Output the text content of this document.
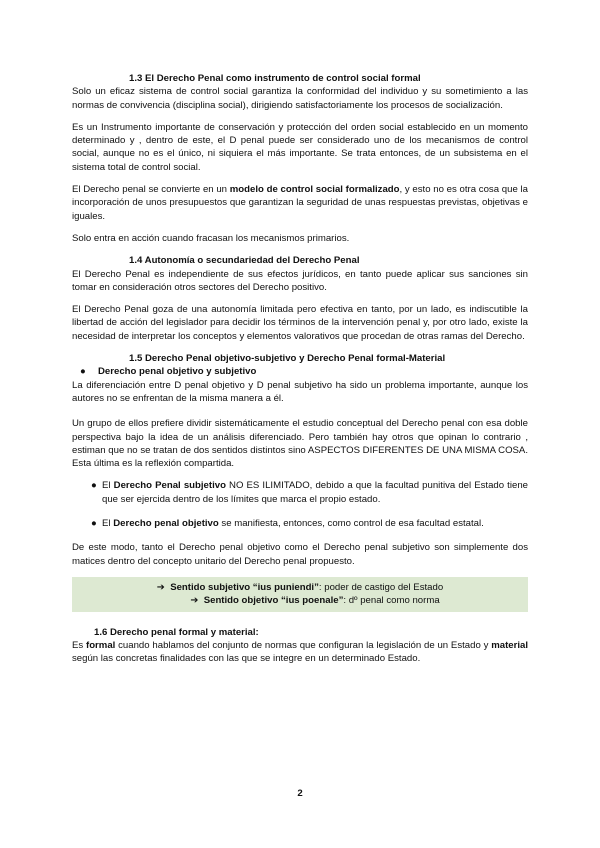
1.3 El Derecho Penal como instrumento de control social formal

Solo un eficaz sistema de control social garantiza la conformidad del individuo y su sometimiento a las normas de convivencia (disciplina social), dirigiendo satisfactoriamente los procesos de socialización.

Es un Instrumento importante de conservación y protección del orden social establecido en un momento determinado y , dentro de este, el D penal puede ser considerado uno de los mecanismos de control social, aunque no es el único, ni siquiera el más importante. Se trata entonces, de un subsistema en el sistema total de control social.

El Derecho penal se convierte en un modelo de control social formalizado, y esto no es otra cosa que la incorporación de unos presupuestos que garantizan la seguridad de unas respuestas previstas, objetivas e iguales.

Solo entra en acción cuando fracasan los mecanismos primarios.

1.4 Autonomía o secundariedad del Derecho Penal

El Derecho Penal es independiente de sus efectos jurídicos, en tanto puede aplicar sus sanciones sin tomar en consideración otros sectores del Derecho positivo.

El Derecho Penal goza de una autonomía limitada pero efectiva en tanto, por un lado, es indiscutible la libertad de acción del legislador para decidir los términos de la intervención penal y, por otro lado, existe la necesidad de interpretar los conceptos y elementos valorativos que procedan de otras ramas del Derecho.

1.5 Derecho Penal objetivo-subjetivo y Derecho Penal formal-Material
●	Derecho penal objetivo y subjetivo

La diferenciación entre D penal objetivo y D penal subjetivo ha sido un problema importante, aunque los autores no se enfrentan de la misma manera a él.

Un grupo de ellos prefiere dividir sistemáticamente el estudio conceptual del Derecho penal con esa doble perspectiva bajo la idea de un análisis diferenciado. Pero también hay otros que opinan lo contrario , estiman que no se tratan de dos sentidos distintos sino ASPECTOS DIFERENTES DE UNA MISMA COSA. Esta última es la reflexión compartida.

● El Derecho Penal subjetivo NO ES ILIMITADO, debido a que la facultad punitiva del Estado tiene que ser ejercida dentro de los límites que marca el propio estado.
● El Derecho penal objetivo se manifiesta, entonces, como control de esa facultad estatal.

De este modo, tanto el Derecho penal objetivo como el Derecho penal subjetivo son simplemente dos matices dentro del concepto unitario del Derecho penal propuesto.

➔ Sentido subjetivo “ius puniendi”: poder de castigo del Estado
➔ Sentido objetivo “ius poenale”: dº penal como norma
1.6 Derecho penal formal y material:

Es formal cuando hablamos del conjunto de normas que configuran la legislación de un Estado y material según las concretas finalidades con las que se integre en un determinado Estado.

2
